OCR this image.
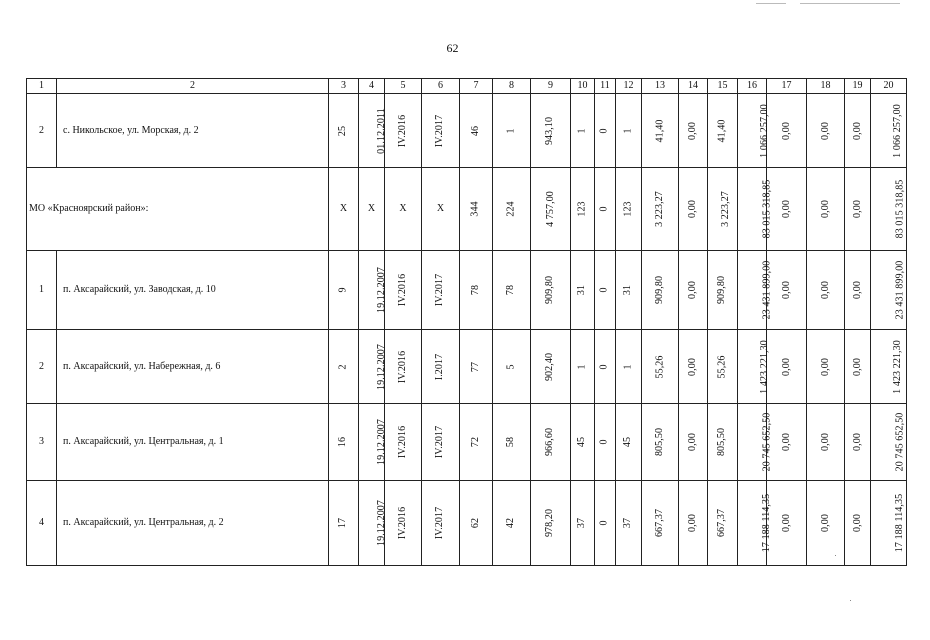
62
1	2	3	4	5	6	7	8	9	10	11	12	13	14	15	16	17	18	19	20
2	с. Никольское, ул. Морская, д. 2	25	01.12.2011	IV.2016	IV.2017	46	1	943,10	1	0	1	41,40	0,00	41,40	1 066 257,00	0,00	0,00	0,00	1 066 257,00
МО «Красноярский район»:		X	X	X	X	344	224	4 757,00	123	0	123	3 223,27	0,00	3 223,27	83 015 318,85	0,00	0,00	0,00	83 015 318,85
1	п. Аксарайский, ул. Заводская, д. 10	9	19.12.2007	IV.2016	IV.2017	78	78	909,80	31	0	31	909,80	0,00	909,80	23 431 899,00	0,00	0,00	0,00	23 431 899,00
2	п. Аксарайский, ул. Набережная, д. 6	2	19.12.2007	IV.2016	I.2017	77	5	902,40	1	0	1	55,26	0,00	55,26	1 423 221,30	0,00	0,00	0,00	1 423 221,30
3	п. Аксарайский, ул. Центральная, д. 1	16	19.12.2007	IV.2016	IV.2017	72	58	966,60	45	0	45	805,50	0,00	805,50	20 745 652,50	0,00	0,00	0,00	20 745 652,50
4	п. Аксарайский, ул. Центральная, д. 2	17	19.12.2007	IV.2016	IV.2017	62	42	978,20	37	0	37	667,37	0,00	667,37	17 188 114,35	0,00	0,00	0,00	17 188 114,35
